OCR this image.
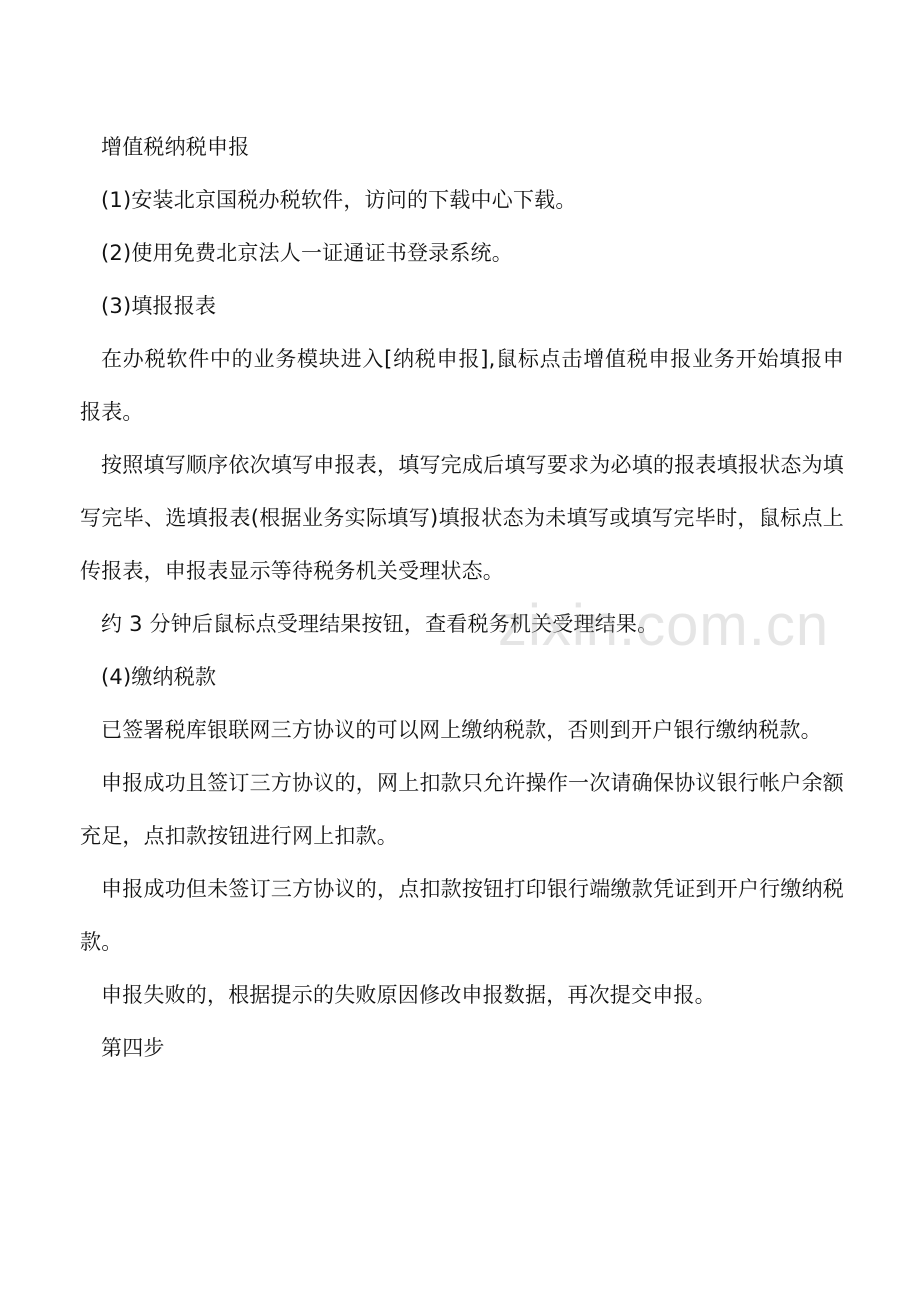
增值税纳税申报

(1)安装北京国税办税软件，访问的下载中心下载。

(2)使用免费北京法人一证通证书登录系统。

(3)填报报表

在办税软件中的业务模块进入[纳税申报],鼠标点击增值税申报业务开始填报申报表。

按照填写顺序依次填写申报表，填写完成后填写要求为必填的报表填报状态为填写完毕、选填报表(根据业务实际填写)填报状态为未填写或填写完毕时，鼠标点上传报表，申报表显示等待税务机关受理状态。

约 3 分钟后鼠标点受理结果按钮，查看税务机关受理结果。

(4)缴纳税款

已签署税库银联网三方协议的可以网上缴纳税款，否则到开户银行缴纳税款。

申报成功且签订三方协议的，网上扣款只允许操作一次请确保协议银行帐户余额充足，点扣款按钮进行网上扣款。

申报成功但未签订三方协议的，点扣款按钮打印银行端缴款凭证到开户行缴纳税款。

申报失败的，根据提示的失败原因修改申报数据，再次提交申报。

第四步

zixin.com.cn
